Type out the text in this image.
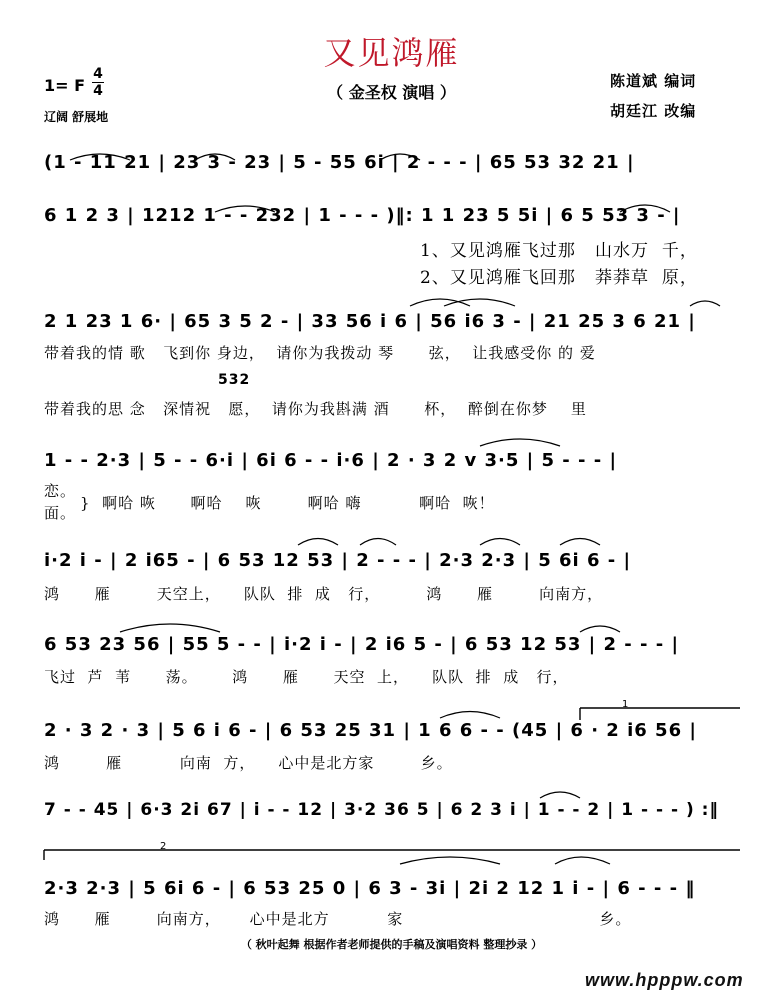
又见鸿雁
（ 金圣权 演唱 ）
1= F
4
4
辽阔 舒展地
陈道斌 编词
胡廷江 改编
1
2
(1 - 11 21 | 23 3 - 23 | 5 - 55 6i | 2 - - - | 65 53 32 21 |
6 1 2 3 | 1212 1 - - 232 | 1 - - - )‖: 1 1 23 5 5i | 6 5 53 3 - |
1、又见鸿雁飞过那   山水万  千，
2、又见鸿雁飞回那   莽莽草  原，
2 1 23 1 6· | 65 3 5 2 - | 33 56 i 6 | 56 i6 3 - | 21 25 3 6 21 |
带着我的情 歌   飞到你 身边，  请你为我拨动 琴      弦，  让我感受你 的 爱
532
带着我的思 念   深情祝   愿，  请你为我斟满 酒      杯，  醉倒在你梦    里
1 - - 2·3 | 5 - - 6·i | 6i 6 - - i·6 | 2 · 3 2 v 3·5 | 5 - - - |
恋。
面。
}  啊哈 咴      啊哈    咴        啊哈 嗨          啊哈  咴！
i·2 i - | 2 i65 - | 6 53 12 53 | 2 - - - | 2·3 2·3 | 5 6i 6 - |
鸿      雁        天空上，    队队  排  成   行，        鸿      雁        向南方，
6 53 23 56 | 55 5 - - | i·2 i - | 2 i6 5 - | 6 53 12 53 | 2 - - - |
飞过  芦  苇      荡。      鸿      雁      天空  上，    队队  排  成   行，
2 · 3 2 · 3 | 5 6 i 6 - | 6 53 25 31 | 1 6 6 - - (45 | 6 · 2 i6 56 |
鸿        雁          向南  方，    心中是北方家        乡。
7 - - 45 | 6·3 2i 67 | i - - 12 | 3·2 36 5 | 6 2 3 i | 1 - - 2 | 1 - - - ) :‖
2·3 2·3 | 5 6i 6 - | 6 53 25 0 | 6 3 - 3i | 2i 2 12 1 i - | 6 - - - ‖
鸿      雁        向南方，     心中是北方          家                                  乡。
（ 秋叶起舞 根据作者老师提供的手稿及演唱资料 整理抄录 ）
www.hpppw.com
